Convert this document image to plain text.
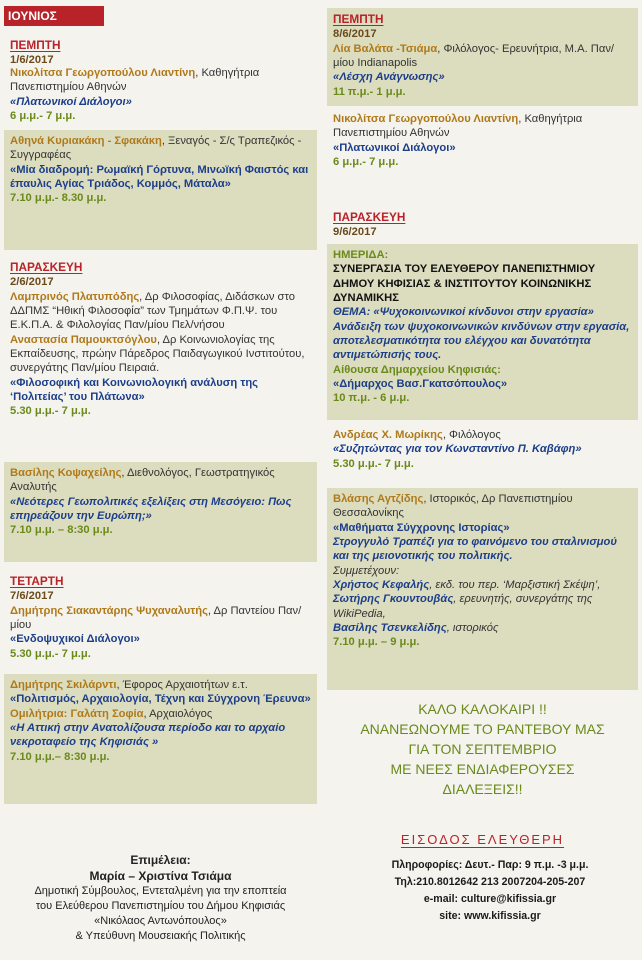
ΙΟΥΝΙΟΣ
ΠΕΜΠΤΗ
1/6/2017
Νικολίτσα Γεωργοπούλου Λιαντίνη, Καθηγήτρια Πανεπιστημίου Αθηνών
«Πλατωνικοί Διάλογοι»
6 μ.μ.- 7 μ.μ.
Αθηνά Κυριακάκη - Σφακάκη, Ξεναγός - Σ/ς Τραπεζικός - Συγγραφέας
«Μία διαδρομή: Ρωμαϊκή Γόρτυνα, Μινωϊκή Φαιστός και έπαυλις Αγίας Τριάδος, Κομμός, Μάταλα»
7.10 μ.μ.- 8.30 μ.μ.
ΠΑΡΑΣΚΕΥΗ
2/6/2017
Λαμπρινός Πλατυπόδης, Δρ Φιλοσοφίας, Διδάσκων στο ΔΔΠΜΣ “Ηθική Φιλοσοφία” των Τμημάτων Φ.Π.Ψ. του Ε.Κ.Π.Α. & Φιλολογίας Παν/μίου Πελ/νήσου
Αναστασία Παμουκτσόγλου, Δρ Κοινωνιολογίας της Εκπαίδευσης, πρώην Πάρεδρος Παιδαγωγικού Ινστιτούτου, συνεργάτης Παν/μίου Πειραιά.
«Φιλοσοφική και Κοινωνιολογική ανάλυση της ‘Πολιτείας’ του Πλάτωνα»
5.30 μ.μ.- 7 μ.μ.
Βασίλης Κοψαχείλης, Διεθνολόγος, Γεωστρατηγικός Αναλυτής
«Νεότερες Γεωπολιτικές εξελίξεις στη Μεσόγειο: Πως επηρεάζουν την Ευρώπη;»
7.10 μ.μ. – 8:30 μ.μ.
ΤΕΤΑΡΤΗ
7/6/2017
Δημήτρης Σιακαντάρης Ψυχαναλυτής, Δρ Παντείου Παν/μίου
«Ενδοψυχικοί Διάλογοι»
5.30 μ.μ.- 7 μ.μ.
Δημήτρης Σκιλάρντι, Έφορος Αρχαιοτήτων ε.τ.
«Πολιτισμός, Αρχαιολογία, Τέχνη και Σύγχρονη Έρευνα»
Ομιλήτρια: Γαλάτη Σοφία, Αρχαιολόγος
«Η Αττική στην Ανατολίζουσα περίοδο και το αρχαίο νεκροταφείο της Κηφισιάς »
7.10 μ.μ.– 8:30 μ.μ.
ΠΕΜΠΤΗ
8/6/2017
Λία Βαλάτα -Τσιάμα, Φιλόλογος- Ερευνήτρια, Μ.Α. Παν/μίου Indianapolis
«Λέσχη Ανάγνωσης»
11 π.μ.- 1 μ.μ.
Νικολίτσα Γεωργοπούλου Λιαντίνη, Καθηγήτρια Πανεπιστημίου Αθηνών
«Πλατωνικοί Διάλογοι»
6 μ.μ.- 7 μ.μ.
ΠΑΡΑΣΚΕΥΗ
9/6/2017
ΗΜΕΡΙΔΑ:
ΣΥΝΕΡΓΑΣΙΑ ΤΟΥ ΕΛΕΥΘΕΡΟΥ ΠΑΝΕΠΙΣΤΗΜΙΟΥ ΔΗΜΟΥ ΚΗΦΙΣΙΑΣ & ΙΝΣΤΙΤΟΥΤΟΥ ΚΟΙΝΩΝΙΚΗΣ ΔΥΝΑΜΙΚΗΣ
ΘΕΜΑ: «Ψυχοκοινωνικοί κίνδυνοι στην εργασία»
Ανάδειξη των ψυχοκοινωνικών κινδύνων στην εργασία, αποτελεσματικότητα του ελέγχου και δυνατότητα αντιμετώπισής τους.
Αίθουσα Δημαρχείου Κηφισιάς:
«Δήμαρχος Βασ.Γκατσόπουλος»
10 π.μ. - 6 μ.μ.
Ανδρέας Χ. Μωρίκης, Φιλόλογος
«Συζητώντας για τον Κωνσταντίνο Π. Καβάφη»
5.30 μ.μ.- 7 μ.μ.
Βλάσης Αγτζίδης, Ιστορικός, Δρ Πανεπιστημίου Θεσσαλονίκης
«Μαθήματα Σύγχρονης Ιστορίας»
Στρογγυλό Τραπέζι για το φαινόμενο του σταλινισμού και της μειονοτικής του πολιτικής.
Συμμετέχουν:
Χρήστος Κεφαλής, εκδ. του περ. ‘Μαρξιστική Σκέψη’,
Σωτήρης Γκουντουβάς, ερευνητής, συνεργάτης της WikiPedia,
Βασίλης Τσενκελίδης, ιστορικός
7.10 μ.μ. – 9 μ.μ.
ΚΑΛΟ ΚΑΛΟΚΑΙΡΙ !!
ΑΝΑΝΕΩΝΟΥΜΕ ΤΟ ΡΑΝΤΕΒΟΥ ΜΑΣ
ΓΙΑ ΤΟΝ ΣΕΠΤΕΜΒΡΙΟ
ΜΕ ΝΕΕΣ ΕΝΔΙΑΦΕΡΟΥΣΕΣ
ΔΙΑΛΕΞΕΙΣ!!
ΕΙΣΟΔΟΣ ΕΛΕΥΘΕΡΗ
Πληροφορίες: Δευτ.- Παρ: 9 π.μ. -3 μ.μ.
Τηλ:210.8012642 213 2007204-205-207
e-mail: culture@kifissia.gr
site: www.kifissia.gr
Επιμέλεια:
Μαρία – Χριστίνα Τσιάμα
Δημοτική Σύμβουλος, Εντεταλμένη για την εποπτεία
του Ελεύθερου Πανεπιστημίου του Δήμου Κηφισιάς
«Νικόλαος Αντωνόπουλος»
& Υπεύθυνη Μουσειακής Πολιτικής
